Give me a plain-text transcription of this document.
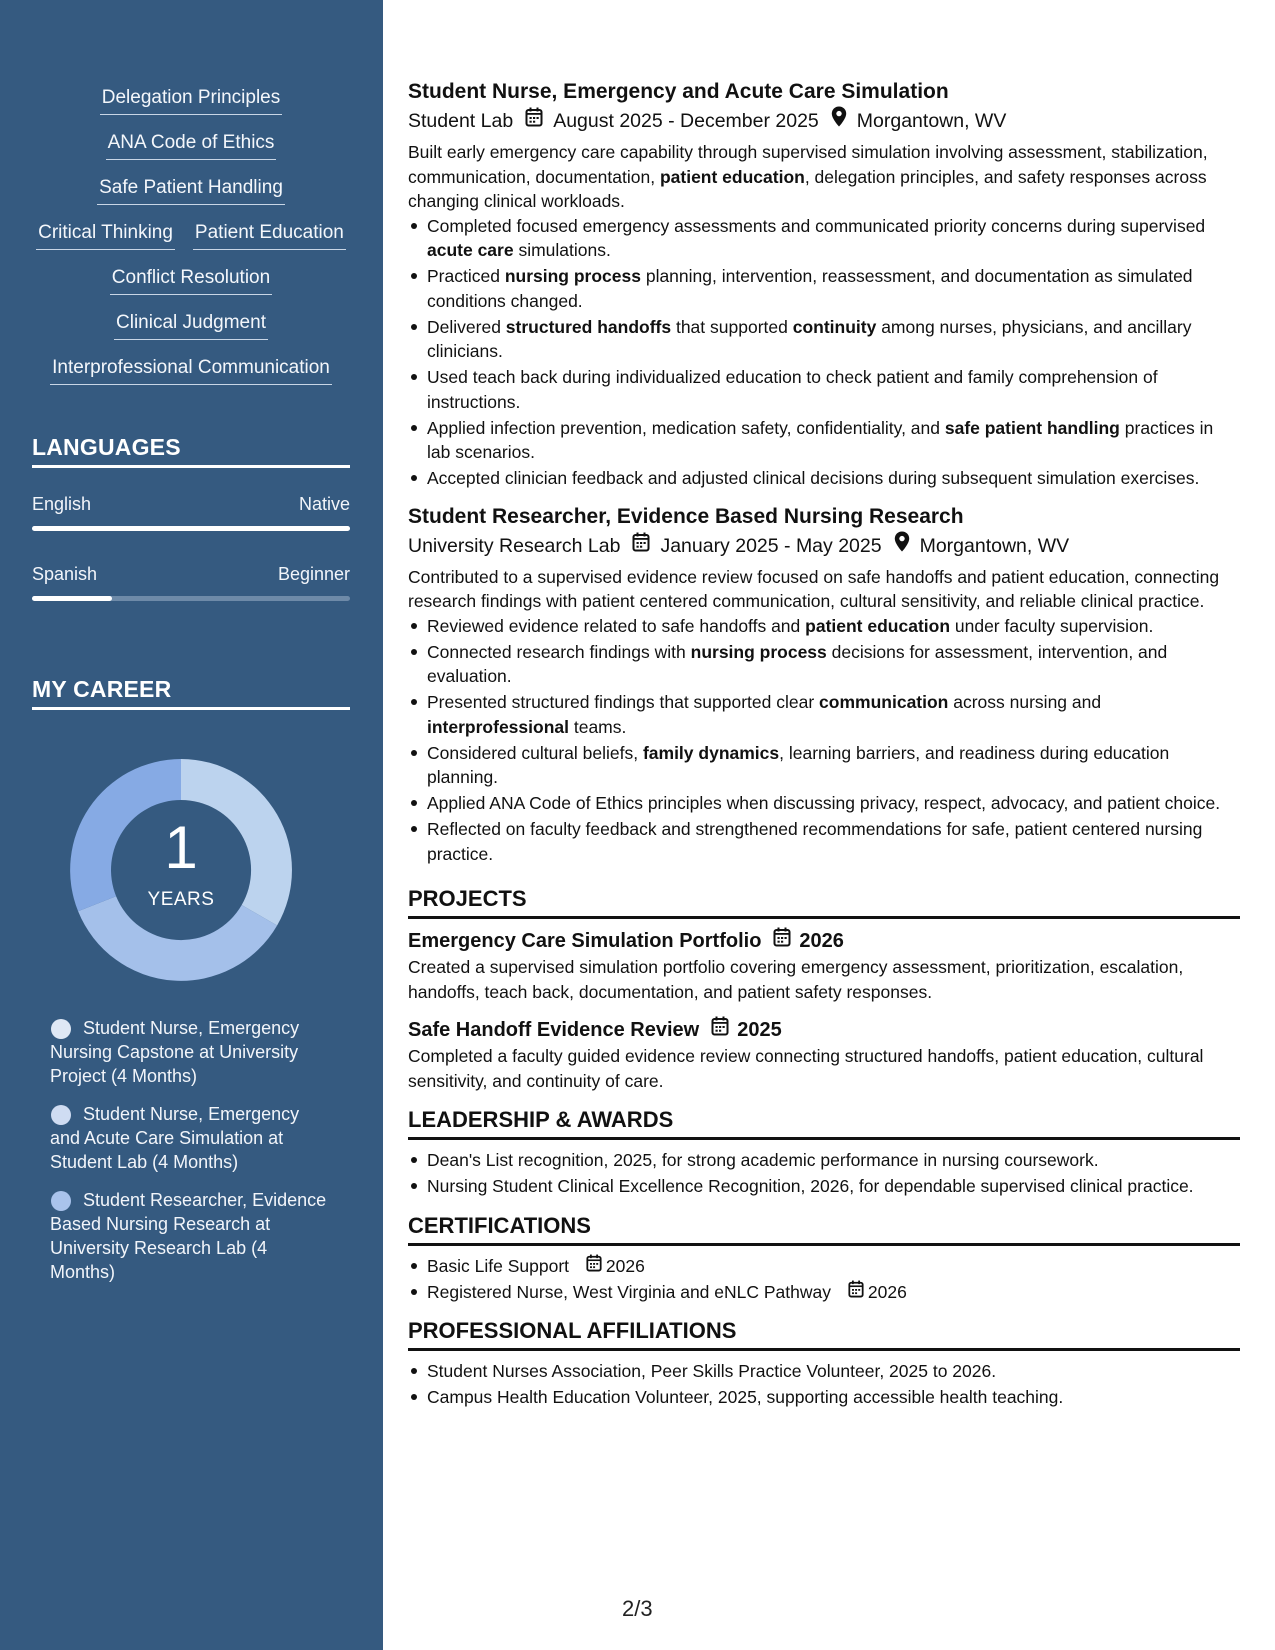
Delegation Principles
ANA Code of Ethics
Safe Patient Handling
Critical Thinking Patient Education
Conflict Resolution
Clinical Judgment
Interprofessional Communication
LANGUAGES
English	Native
Spanish	Beginner
MY CAREER
1
YEARS
Student Nurse, Emergency Nursing Capstone at University Project (4 Months)
Student Nurse, Emergency and Acute Care Simulation at Student Lab (4 Months)
Student Researcher, Evidence Based Nursing Research at University Research Lab (4 Months)
Student Nurse, Emergency and Acute Care Simulation
Student Lab August 2025 - December 2025 Morgantown, WV
Built early emergency care capability through supervised simulation involving assessment, stabilization, communication, documentation, patient education, delegation principles, and safety responses across changing clinical workloads.
Completed focused emergency assessments and communicated priority concerns during supervised acute care simulations.
Practiced nursing process planning, intervention, reassessment, and documentation as simulated conditions changed.
Delivered structured handoffs that supported continuity among nurses, physicians, and ancillary clinicians.
Used teach back during individualized education to check patient and family comprehension of instructions.
Applied infection prevention, medication safety, confidentiality, and safe patient handling practices in lab scenarios.
Accepted clinician feedback and adjusted clinical decisions during subsequent simulation exercises.
Student Researcher, Evidence Based Nursing Research
University Research Lab January 2025 - May 2025 Morgantown, WV
Contributed to a supervised evidence review focused on safe handoffs and patient education, connecting research findings with patient centered communication, cultural sensitivity, and reliable clinical practice.
Reviewed evidence related to safe handoffs and patient education under faculty supervision.
Connected research findings with nursing process decisions for assessment, intervention, and evaluation.
Presented structured findings that supported clear communication across nursing and interprofessional teams.
Considered cultural beliefs, family dynamics, learning barriers, and readiness during education planning.
Applied ANA Code of Ethics principles when discussing privacy, respect, advocacy, and patient choice.
Reflected on faculty feedback and strengthened recommendations for safe, patient centered nursing practice.
PROJECTS
Emergency Care Simulation Portfolio 2026
Created a supervised simulation portfolio covering emergency assessment, prioritization, escalation, handoffs, teach back, documentation, and patient safety responses.
Safe Handoff Evidence Review 2025
Completed a faculty guided evidence review connecting structured handoffs, patient education, cultural sensitivity, and continuity of care.
LEADERSHIP & AWARDS
Dean's List recognition, 2025, for strong academic performance in nursing coursework.
Nursing Student Clinical Excellence Recognition, 2026, for dependable supervised clinical practice.
CERTIFICATIONS
Basic Life Support 2026
Registered Nurse, West Virginia and eNLC Pathway 2026
PROFESSIONAL AFFILIATIONS
Student Nurses Association, Peer Skills Practice Volunteer, 2025 to 2026.
Campus Health Education Volunteer, 2025, supporting accessible health teaching.
2/3
